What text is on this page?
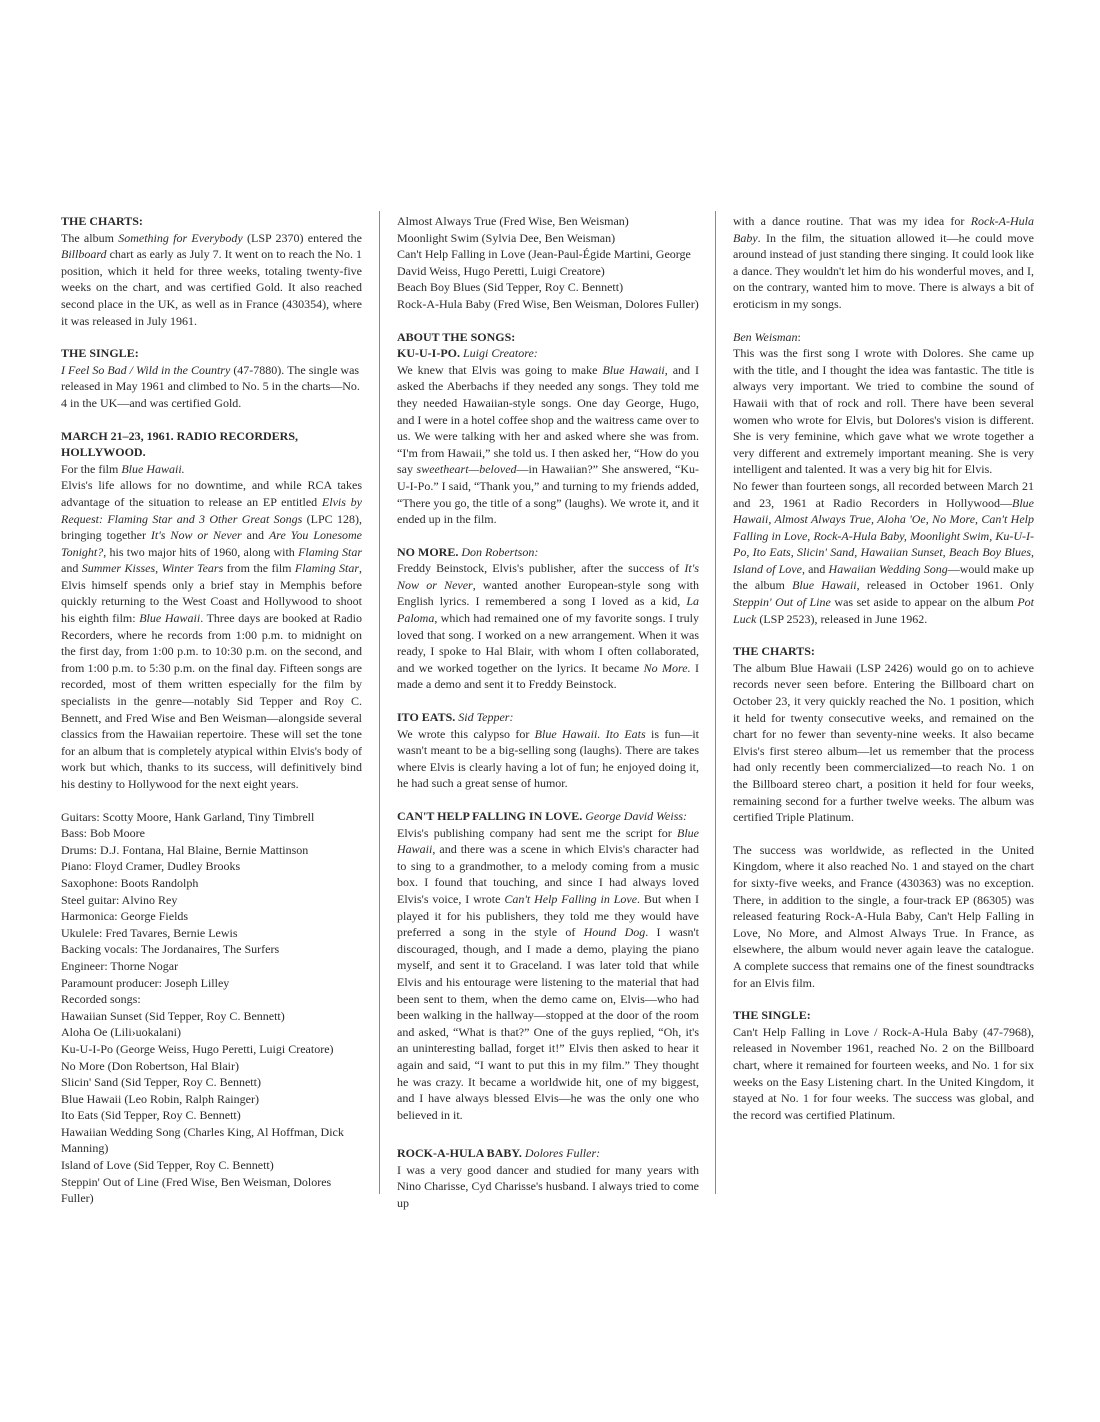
THE CHARTS:

The album Something for Everybody (LSP 2370) entered the Billboard chart as early as July 7. It went on to reach the No. 1 position, which it held for three weeks, totaling twenty-five weeks on the chart, and was certified Gold. It also reached second place in the UK, as well as in France (430354), where it was released in July 1961.

THE SINGLE:

I Feel So Bad / Wild in the Country (47-7880). The single was released in May 1961 and climbed to No. 5 in the charts—No. 4 in the UK—and was certified Gold.

MARCH 21–23, 1961. RADIO RECORDERS, HOLLYWOOD.

For the film Blue Hawaii.

Elvis's life allows for no downtime, and while RCA takes advantage of the situation to release an EP entitled Elvis by Request: Flaming Star and 3 Other Great Songs (LPC 128), bringing together It's Now or Never and Are You Lonesome Tonight?, his two major hits of 1960, along with Flaming Star and Summer Kisses, Winter Tears from the film Flaming Star, Elvis himself spends only a brief stay in Memphis before quickly returning to the West Coast and Hollywood to shoot his eighth film: Blue Hawaii. Three days are booked at Radio Recorders, where he records from 1:00 p.m. to midnight on the first day, from 1:00 p.m. to 10:30 p.m. on the second, and from 1:00 p.m. to 5:30 p.m. on the final day. Fifteen songs are recorded, most of them written especially for the film by specialists in the genre—notably Sid Tepper and Roy C. Bennett, and Fred Wise and Ben Weisman—alongside several classics from the Hawaiian repertoire. These will set the tone for an album that is completely atypical within Elvis's body of work but which, thanks to its success, will definitively bind his destiny to Hollywood for the next eight years.

Guitars: Scotty Moore, Hank Garland, Tiny Timbrell
Bass: Bob Moore
Drums: D.J. Fontana, Hal Blaine, Bernie Mattinson
Piano: Floyd Cramer, Dudley Brooks
Saxophone: Boots Randolph
Steel guitar: Alvino Rey
Harmonica: George Fields
Ukulele: Fred Tavares, Bernie Lewis
Backing vocals: The Jordanaires, The Surfers
Engineer: Thorne Nogar
Paramount producer: Joseph Lilley
Recorded songs:
Hawaiian Sunset (Sid Tepper, Roy C. Bennett)
Aloha Oe (Lili›uokalani)
Ku-U-I-Po (George Weiss, Hugo Peretti, Luigi Creatore)
No More (Don Robertson, Hal Blair)
Slicin' Sand (Sid Tepper, Roy C. Bennett)
Blue Hawaii (Leo Robin, Ralph Rainger)
Ito Eats (Sid Tepper, Roy C. Bennett)
Hawaiian Wedding Song (Charles King, Al Hoffman, Dick Manning)
Island of Love (Sid Tepper, Roy C. Bennett)
Steppin' Out of Line (Fred Wise, Ben Weisman, Dolores Fuller)
Almost Always True (Fred Wise, Ben Weisman)
Moonlight Swim (Sylvia Dee, Ben Weisman)
Can't Help Falling in Love (Jean-Paul-Égide Martini, George David Weiss, Hugo Peretti, Luigi Creatore)
Beach Boy Blues (Sid Tepper, Roy C. Bennett)
Rock-A-Hula Baby (Fred Wise, Ben Weisman, Dolores Fuller)

ABOUT THE SONGS:

KU-U-I-PO. Luigi Creatore:

We knew that Elvis was going to make Blue Hawaii, and I asked the Aberbachs if they needed any songs. They told me they needed Hawaiian-style songs. One day George, Hugo, and I were in a hotel coffee shop and the waitress came over to us. We were talking with her and asked where she was from. “I'm from Hawaii,” she told us. I then asked her, “How do you say sweetheart—beloved—in Hawaiian?” She answered, “Ku-U-I-Po.” I said, “Thank you,” and turning to my friends added, “There you go, the title of a song” (laughs). We wrote it, and it ended up in the film.

NO MORE. Don Robertson:

Freddy Beinstock, Elvis's publisher, after the success of It's Now or Never, wanted another European-style song with English lyrics. I remembered a song I loved as a kid, La Paloma, which had remained one of my favorite songs. I truly loved that song. I worked on a new arrangement. When it was ready, I spoke to Hal Blair, with whom I often collaborated, and we worked together on the lyrics. It became No More. I made a demo and sent it to Freddy Beinstock.

ITO EATS. Sid Tepper:

We wrote this calypso for Blue Hawaii. Ito Eats is fun—it wasn't meant to be a big-selling song (laughs). There are takes where Elvis is clearly having a lot of fun; he enjoyed doing it, he had such a great sense of humor.

CAN'T HELP FALLING IN LOVE. George David Weiss:

Elvis's publishing company had sent me the script for Blue Hawaii, and there was a scene in which Elvis's character had to sing to a grandmother, to a melody coming from a music box. I found that touching, and since I had always loved Elvis's voice, I wrote Can't Help Falling in Love. But when I played it for his publishers, they told me they would have preferred a song in the style of Hound Dog. I wasn't discouraged, though, and I made a demo, playing the piano myself, and sent it to Graceland. I was later told that while Elvis and his entourage were listening to the material that had been sent to them, when the demo came on, Elvis—who had been walking in the hallway—stopped at the door of the room and asked, “What is that?” One of the guys replied, “Oh, it's an uninteresting ballad, forget it!” Elvis then asked to hear it again and said, “I want to put this in my film.” They thought he was crazy. It became a worldwide hit, one of my biggest, and I have always blessed Elvis—he was the only one who believed in it.

ROCK-A-HULA BABY. Dolores Fuller:

I was a very good dancer and studied for many years with Nino Charisse, Cyd Charisse's husband. I always tried to come up

with a dance routine. That was my idea for Rock-A-Hula Baby. In the film, the situation allowed it—he could move around instead of just standing there singing. It could look like a dance. They wouldn't let him do his wonderful moves, and I, on the contrary, wanted him to move. There is always a bit of eroticism in my songs.

Ben Weisman:

This was the first song I wrote with Dolores. She came up with the title, and I thought the idea was fantastic. The title is always very important. We tried to combine the sound of Hawaii with that of rock and roll. There have been several women who wrote for Elvis, but Dolores's vision is different. She is very feminine, which gave what we wrote together a very different and extremely important meaning. She is very intelligent and talented. It was a very big hit for Elvis.

No fewer than fourteen songs, all recorded between March 21 and 23, 1961 at Radio Recorders in Hollywood—Blue Hawaii, Almost Always True, Aloha 'Oe, No More, Can't Help Falling in Love, Rock-A-Hula Baby, Moonlight Swim, Ku-U-I-Po, Ito Eats, Slicin' Sand, Hawaiian Sunset, Beach Boy Blues, Island of Love, and Hawaiian Wedding Song—would make up the album Blue Hawaii, released in October 1961. Only Steppin' Out of Line was set aside to appear on the album Pot Luck (LSP 2523), released in June 1962.

THE CHARTS:

The album Blue Hawaii (LSP 2426) would go on to achieve records never seen before. Entering the Billboard chart on October 23, it very quickly reached the No. 1 position, which it held for twenty consecutive weeks, and remained on the chart for no fewer than seventy-nine weeks. It also became Elvis's first stereo album—let us remember that the process had only recently been commercialized—to reach No. 1 on the Billboard stereo chart, a position it held for four weeks, remaining second for a further twelve weeks. The album was certified Triple Platinum.

The success was worldwide, as reflected in the United Kingdom, where it also reached No. 1 and stayed on the chart for sixty-five weeks, and France (430363) was no exception. There, in addition to the single, a four-track EP (86305) was released featuring Rock-A-Hula Baby, Can't Help Falling in Love, No More, and Almost Always True. In France, as elsewhere, the album would never again leave the catalogue. A complete success that remains one of the finest soundtracks for an Elvis film.

THE SINGLE:

Can't Help Falling in Love / Rock-A-Hula Baby (47-7968), released in November 1961, reached No. 2 on the Billboard chart, where it remained for fourteen weeks, and No. 1 for six weeks on the Easy Listening chart. In the United Kingdom, it stayed at No. 1 for four weeks. The success was global, and the record was certified Platinum.
